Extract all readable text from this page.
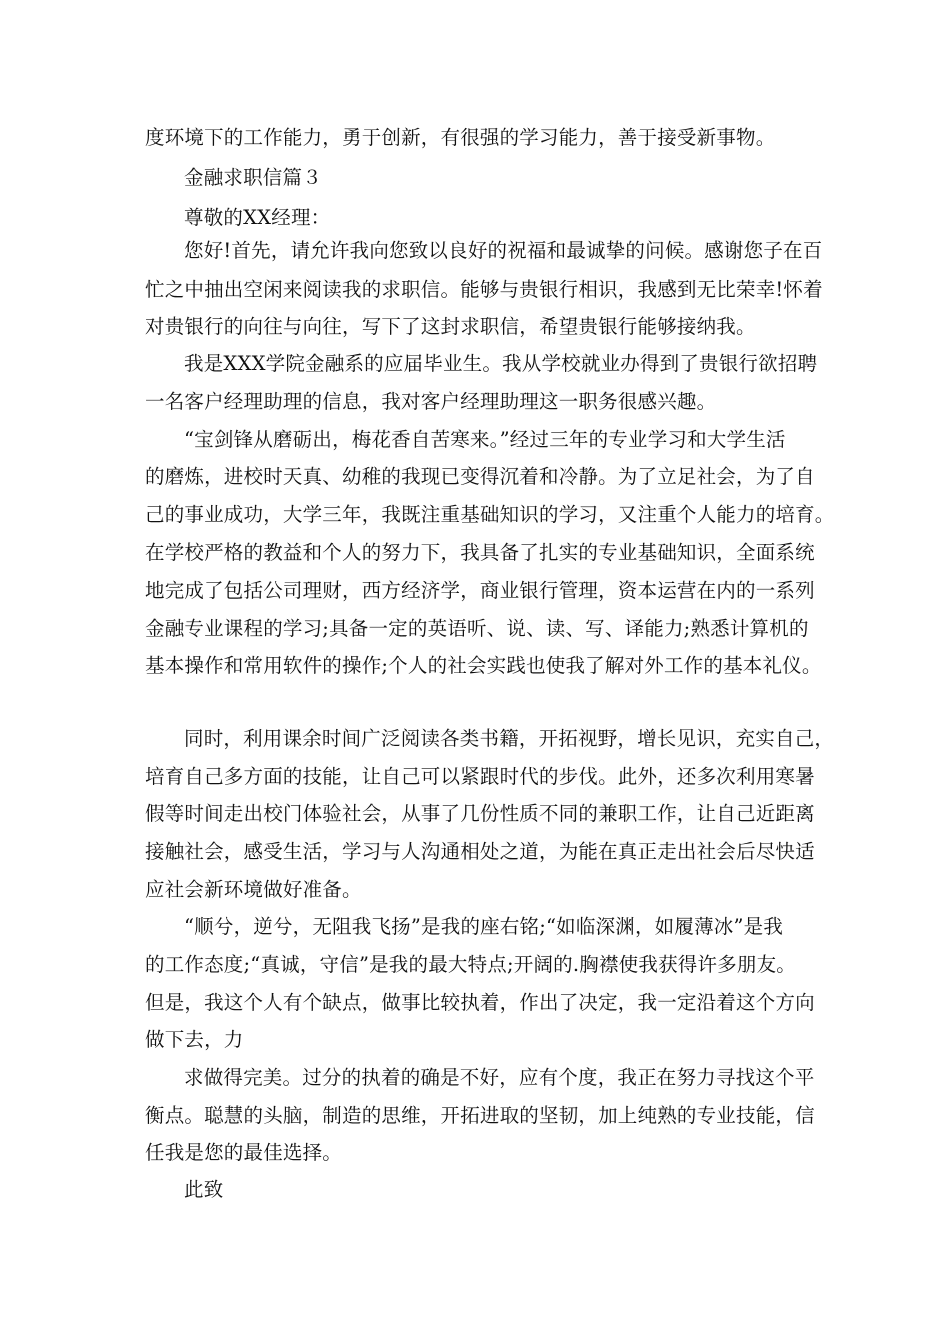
度环境下的工作能力，勇于创新，有很强的学习能力，善于接受新事物。
金融求职信篇３
尊敬的XX经理：
您好!首先，请允许我向您致以良好的祝福和最诚挚的问候。感谢您子在百
忙之中抽出空闲来阅读我的求职信。能够与贵银行相识，我感到无比荣幸!怀着
对贵银行的向往与向往，写下了这封求职信，希望贵银行能够接纳我。
我是XXX学院金融系的应届毕业生。我从学校就业办得到了贵银行欲招聘
一名客户经理助理的信息，我对客户经理助理这一职务很感兴趣。
“宝剑锋从磨砺出，梅花香自苦寒来。”经过三年的专业学习和大学生活
的磨炼，进校时天真、幼稚的我现已变得沉着和冷静。为了立足社会，为了自
己的事业成功，大学三年，我既注重基础知识的学习，又注重个人能力的培育。
在学校严格的教益和个人的努力下，我具备了扎实的专业基础知识，全面系统
地完成了包括公司理财，西方经济学，商业银行管理，资本运营在内的一系列
金融专业课程的学习;具备一定的英语听、说、读、写、译能力;熟悉计算机的
基本操作和常用软件的操作;个人的社会实践也使我了解对外工作的基本礼仪。
同时，利用课余时间广泛阅读各类书籍，开拓视野，增长见识，充实自己，
培育自己多方面的技能，让自己可以紧跟时代的步伐。此外，还多次利用寒暑
假等时间走出校门体验社会，从事了几份性质不同的兼职工作，让自己近距离
接触社会，感受生活，学习与人沟通相处之道，为能在真正走出社会后尽快适
应社会新环境做好准备。
“顺兮，逆兮，无阻我飞扬”是我的座右铭;“如临深渊，如履薄冰”是我
的工作态度;“真诚，守信”是我的最大特点;开阔的.胸襟使我获得许多朋友。
但是，我这个人有个缺点，做事比较执着，作出了决定，我一定沿着这个方向
做下去，力
求做得完美。过分的执着的确是不好，应有个度，我正在努力寻找这个平
衡点。聪慧的头脑，制造的思维，开拓进取的坚韧，加上纯熟的专业技能，信
任我是您的最佳选择。
此致
